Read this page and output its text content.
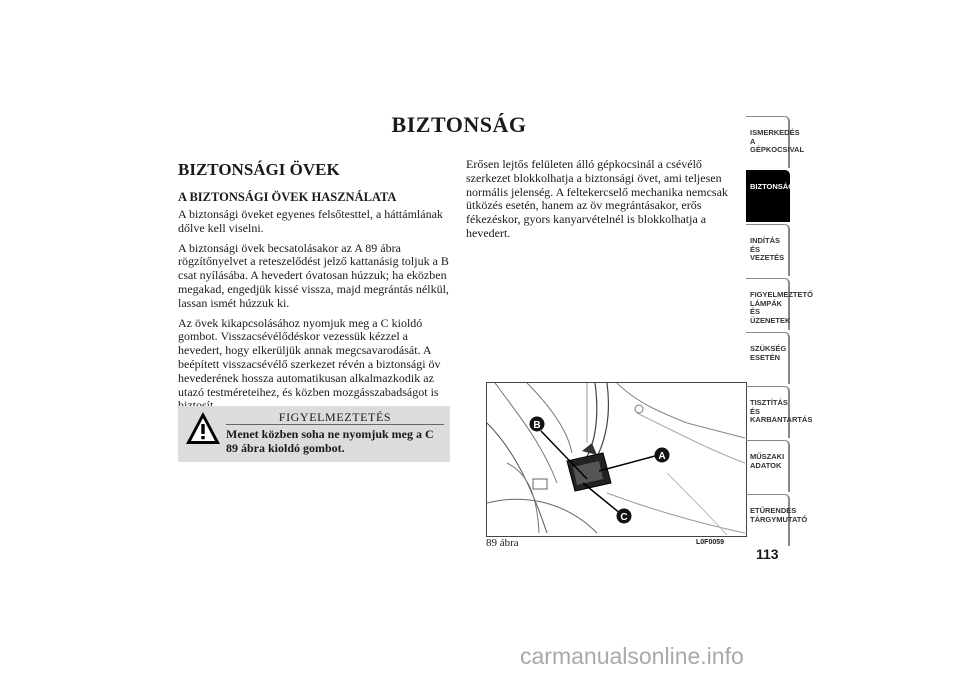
BIZTONSÁG
BIZTONSÁGI ÖVEK
A BIZTONSÁGI ÖVEK HASZNÁLATA

A biztonsági öveket egyenes felsőtesttel, a háttámlának dőlve kell viselni.

A biztonsági övek becsatolásakor az A 89 ábra rögzítőnyelvet a reteszelődést jelző kattanásig toljuk a B csat nyílásába. A hevedert óvatosan húzzuk; ha eközben megakad, engedjük kissé vissza, majd megrántás nélkül, lassan ismét húzzuk ki.

Az övek kikapcsolásához nyomjuk meg a C kioldó gombot. Visszacsévélődéskor vezessük kézzel a hevedert, hogy elkerüljük annak megcsavarodását. A beépített visszacsévélő szerkezet révén a biztonsági öv hevederének hossza automatikusan alkalmazkodik az utazó testméreteihez, és közben mozgásszabadságot is

FIGYELMEZTETÉS
Menet közben soha ne nyomjuk meg a C 89 ábra kioldó gombot.

Erősen lejtős felületen álló gépkocsinál a csévélő szerkezet blokkolhatja a biztonsági övet, ami teljesen normális jelenség. A feltekercselő mechanika nemcsak ütközés esetén, hanem az öv megrántásakor, erős fékezéskor, gyors kanyarvételnél is blokkolhatja a hevedert.

B
A
C
89 ábra	L0F0059
ISMERKEDÉS A
GÉPKOCSIVAL
BIZTONSÁG
INDÍTÁS ÉS
VEZETÉS
FIGYELMEZTETŐ
LÁMPÁK ÉS
ÜZENETEK
SZÜKSÉG ESETÉN
TISZTÍTÁS ÉS
KARBANTARTÁS
MŰSZAKI ADATOK
ETŰRENDES
TÁRGYMUTATÓ
113
carmanualsonline.info
